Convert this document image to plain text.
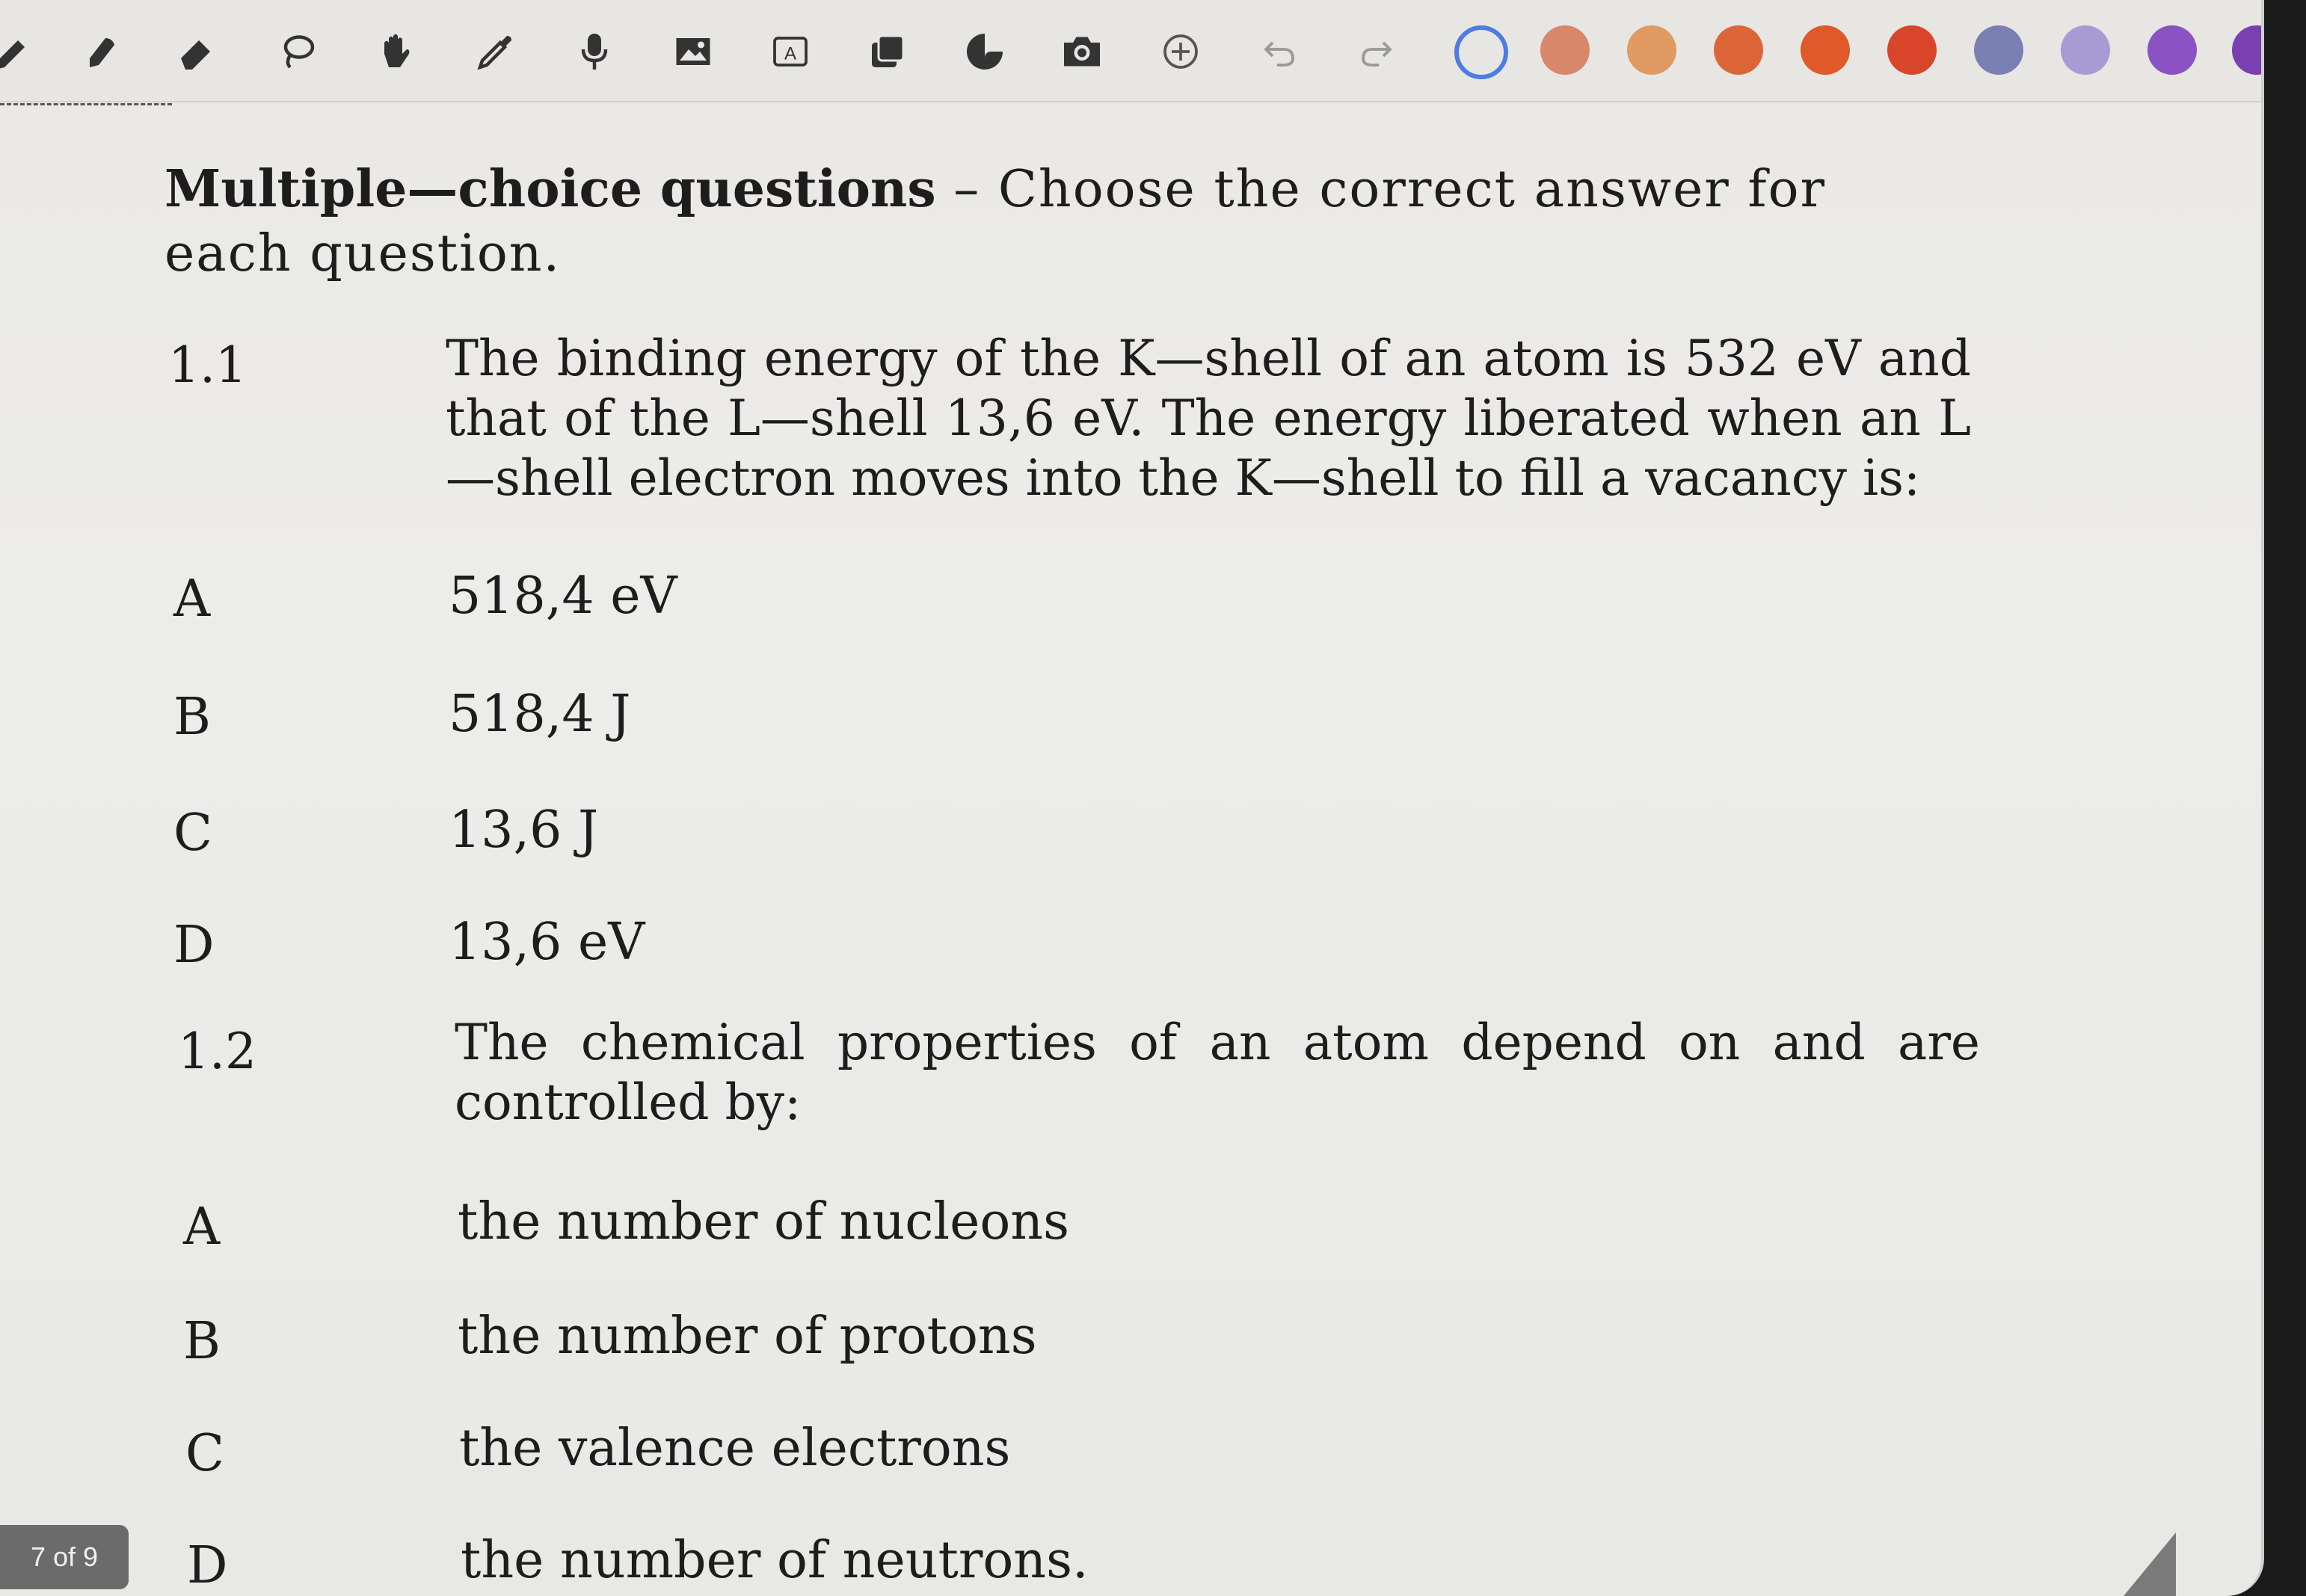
A
Multiple—choice questions – Choose the correct answer for each question.
1.1	The binding energy of the K—shell of an atom is 532 eV and that of the L—shell 13,6 eV. The energy liberated when an L—shell electron moves into the K—shell to fill a vacancy is:
A	518,4 eV
B	518,4 J
C	13,6 J
D	13,6 eV
1.2	The chemical properties of an atom depend on and are controlled by:
A	the number of nucleons
B	the number of protons
C	the valence electrons
D	the number of neutrons.
7 of 9
